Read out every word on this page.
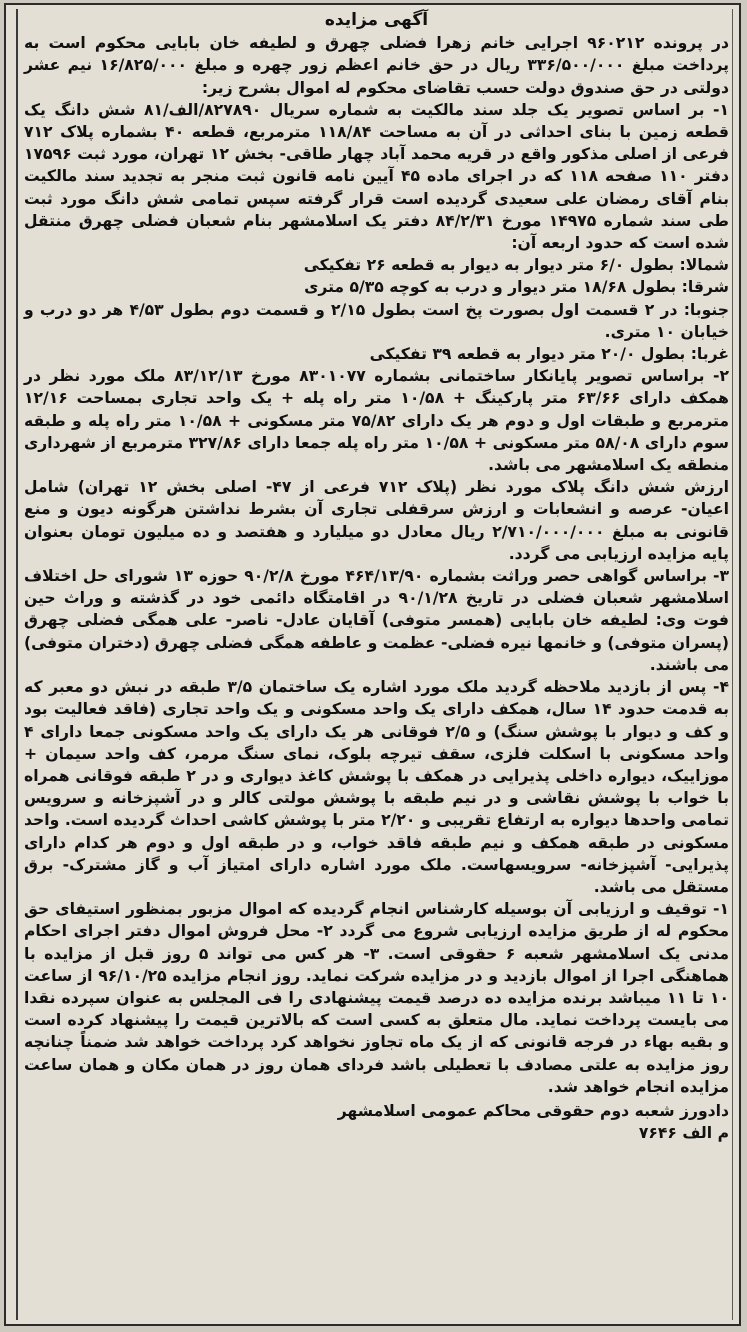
آگهی مزایده

در پرونده ۹۶۰۲۱۲ اجرایی خانم زهرا فضلی چهرق و لطیفه خان بابایی محکوم است به پرداخت مبلغ ۳۳۶/۵۰۰/۰۰۰ ریال در حق خانم اعظم زور چهره و مبلغ ۱۶/۸۲۵/۰۰۰ نیم عشر دولتی در حق صندوق دولت حسب تقاضای محکوم له اموال بشرح زیر:

۱- بر اساس تصویر یک جلد سند مالکیت به شماره سریال ۸۲۷۸۹۰/الف/۸۱ شش دانگ یک قطعه زمین با بنای احداثی در آن به مساحت ۱۱۸/۸۴ مترمربع، قطعه ۴۰ بشماره پلاک ۷۱۲ فرعی از اصلی مذکور واقع در قریه محمد آباد چهار طاقی- بخش ۱۲ تهران، مورد ثبت ۱۷۵۹۶ دفتر ۱۱۰ صفحه ۱۱۸ که در اجرای ماده ۴۵ آیین نامه قانون ثبت منجر به تجدید سند مالکیت بنام آقای رمضان علی سعیدی گردیده است قرار گرفته سپس تمامی شش دانگ مورد ثبت طی سند شماره ۱۴۹۷۵ مورخ ۸۴/۲/۳۱ دفتر یک اسلامشهر بنام شعبان فضلی چهرق منتقل شده است که حدود اربعه آن:

شمالا: بطول ۶/۰ متر دیوار به دیوار به قطعه ۲۶ تفکیکی

شرقا: بطول ۱۸/۶۸ متر دیوار و درب به کوچه ۵/۳۵ متری

جنوبا: در ۲ قسمت اول بصورت پخ است بطول ۲/۱۵ و قسمت دوم بطول ۴/۵۳ هر دو درب و خیابان ۱۰ متری.

غربا: بطول ۲۰/۰ متر دیوار به قطعه ۳۹ تفکیکی

۲- براساس تصویر پایانکار ساختمانی بشماره ۸۳۰۱۰۷۷ مورخ ۸۳/۱۲/۱۳ ملک مورد نظر در همکف دارای ۶۳/۶۶ متر پارکینگ + ۱۰/۵۸ متر راه پله + یک واحد تجاری بمساحت ۱۲/۱۶ مترمربع و طبقات اول و دوم هر یک دارای ۷۵/۸۲ متر مسکونی + ۱۰/۵۸ متر راه پله و طبقه سوم دارای ۵۸/۰۸ متر مسکونی + ۱۰/۵۸ متر راه پله جمعا دارای ۳۲۷/۸۶ مترمربع از شهرداری منطقه یک اسلامشهر می باشد.

ارزش شش دانگ پلاک مورد نظر (پلاک ۷۱۲ فرعی از ۴۷- اصلی بخش ۱۲ تهران) شامل اعیان- عرصه و انشعابات و ارزش سرقفلی تجاری آن بشرط نداشتن هرگونه دیون و منع قانونی به مبلغ ۲/۷۱۰/۰۰۰/۰۰۰ ریال معادل دو میلیارد و هفتصد و ده میلیون تومان بعنوان پایه مزایده ارزیابی می گردد.

۳- براساس گواهی حصر وراثت بشماره ۴۶۴/۱۳/۹۰ مورخ ۹۰/۲/۸ حوزه ۱۳ شورای حل اختلاف اسلامشهر شعبان فضلی در تاریخ ۹۰/۱/۲۸ در اقامتگاه دائمی خود در گذشته و وراث حین فوت وی: لطیفه خان بابایی (همسر متوفی) آقایان عادل- ناصر- علی همگی فضلی چهرق (پسران متوفی) و خانمها نیره فضلی- عظمت و عاطفه همگی فضلی چهرق (دختران متوفی) می باشند.

۴- پس از بازدید ملاحظه گردید ملک مورد اشاره یک ساختمان ۳/۵ طبقه در نبش دو معبر که به قدمت حدود ۱۴ سال، همکف دارای یک واحد مسکونی و یک واحد تجاری (فاقد فعالیت بود و کف و دیوار با پوشش سنگ) و ۲/۵ فوقانی هر یک دارای یک واحد مسکونی جمعا دارای ۴ واحد مسکونی با اسکلت فلزی، سقف تیرچه بلوک، نمای سنگ مرمر، کف واحد سیمان + موزاییک، دیواره داخلی پذیرایی در همکف با پوشش کاغذ دیواری و در ۲ طبقه فوقانی همراه با خواب با پوشش نقاشی و در نیم طبقه با پوشش مولتی کالر و در آشپزخانه و سرویس تمامی واحدها دیواره به ارتفاع تقریبی و ۲/۲۰ متر با پوشش کاشی احداث گردیده است. واحد مسکونی در طبقه همکف و نیم طبقه فاقد خواب، و در طبقه اول و دوم هر کدام دارای پذیرایی- آشپزخانه- سرویسهاست. ملک مورد اشاره دارای امتیاز آب و گاز مشترک- برق مستقل می باشد.

۱- توقیف و ارزیابی آن بوسیله کارشناس انجام گردیده که اموال مزبور بمنظور استیفای حق محکوم له از طریق مزایده ارزیابی شروع می گردد ۲- محل فروش اموال دفتر اجرای احکام مدنی یک اسلامشهر شعبه ۶ حقوقی است. ۳- هر کس می تواند ۵ روز قبل از مزایده با هماهنگی اجرا از اموال بازدید و در مزایده شرکت نماید. روز انجام مزایده ۹۶/۱۰/۲۵ از ساعت ۱۰ تا ۱۱ میباشد برنده مزایده ده درصد قیمت پیشنهادی را فی المجلس به عنوان سپرده نقدا می بایست پرداخت نماید. مال متعلق به کسی است که بالاترین قیمت را پیشنهاد کرده است و بقیه بهاء در فرجه قانونی که از یک ماه تجاوز نخواهد کرد پرداخت خواهد شد ضمناً چنانچه روز مزایده به علتی مصادف با تعطیلی باشد فردای همان روز در همان مکان و همان ساعت مزایده انجام خواهد شد.

دادورز شعبه دوم حقوقی محاکم عمومی اسلامشهر
م الف ۷۶۴۶
